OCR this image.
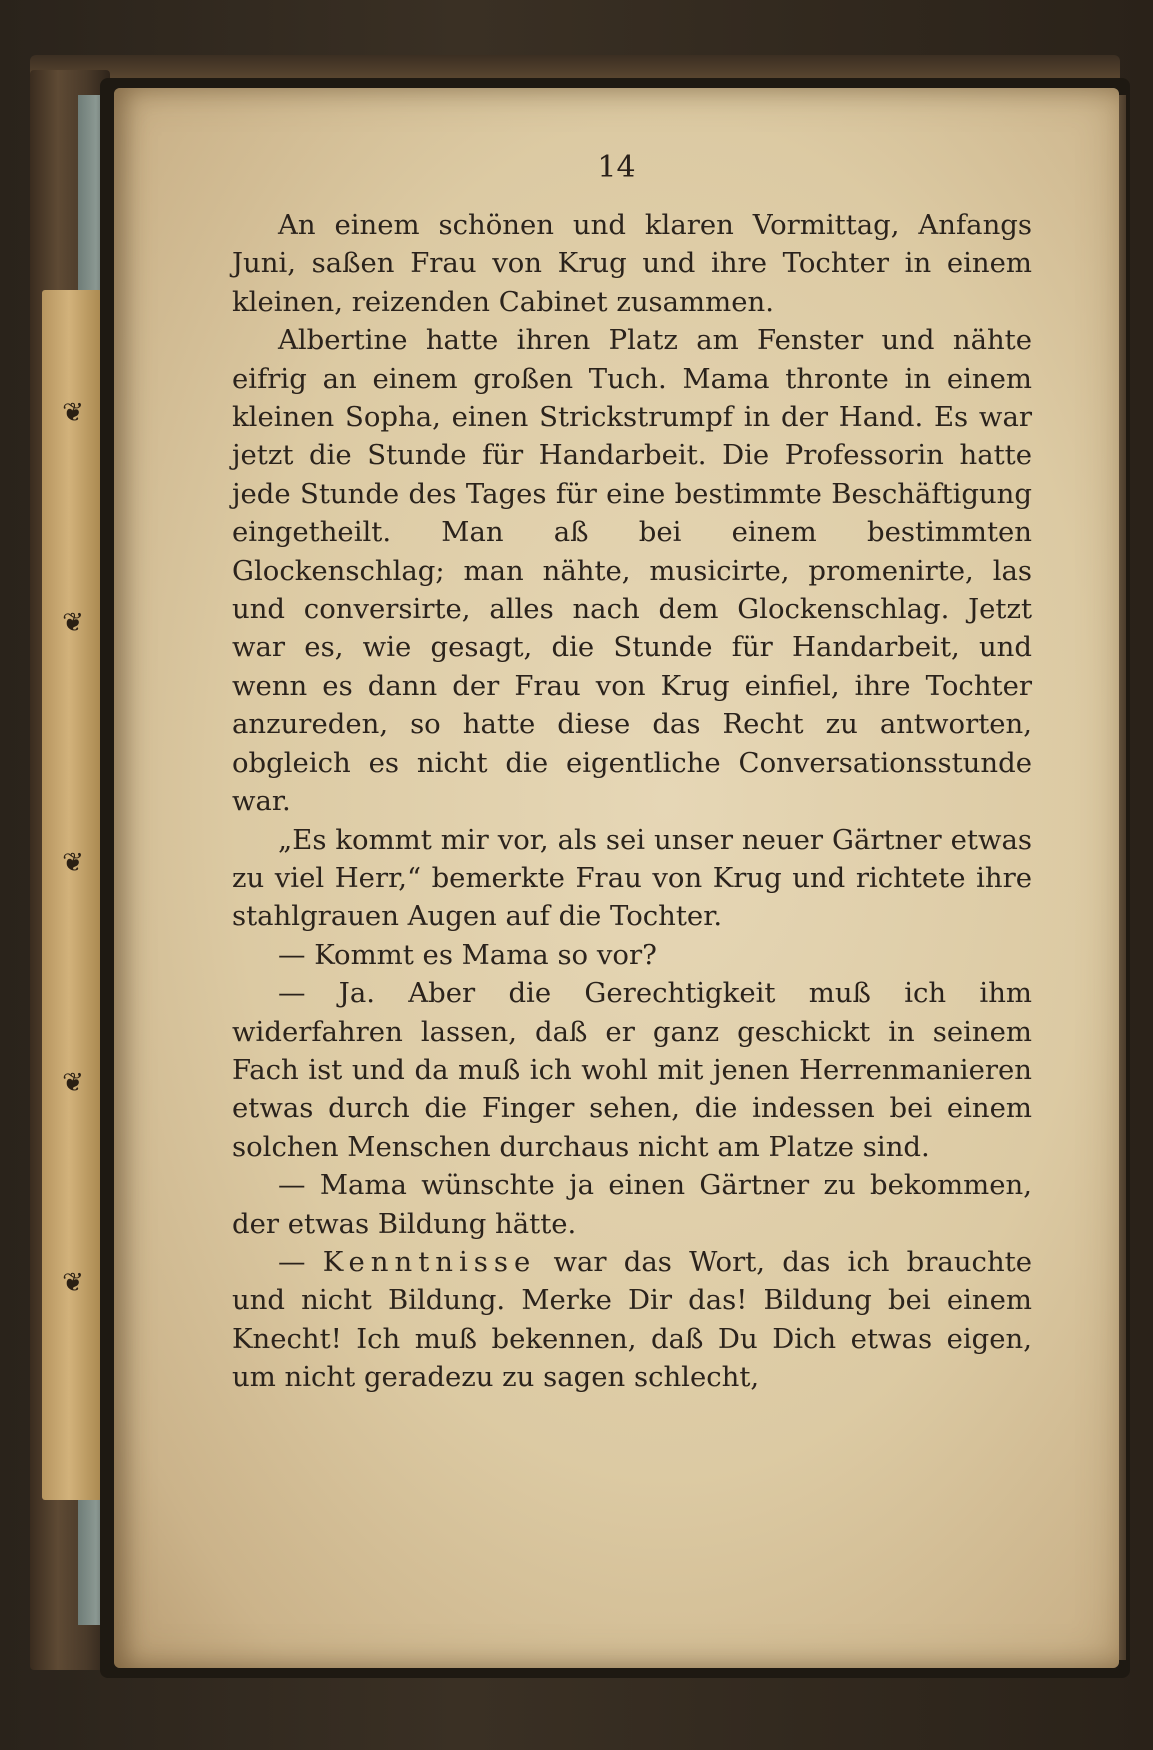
❦
❦
❦
❦
❦
14

An einem schönen und klaren Vormittag, Anfangs Juni, saßen Frau von Krug und ihre Tochter in einem kleinen, reizenden Cabinet zusammen.

Albertine hatte ihren Platz am Fenster und nähte eifrig an einem großen Tuch. Mama thronte in einem kleinen Sopha, einen Strickstrumpf in der Hand. Es war jetzt die Stunde für Handarbeit. Die Professorin hatte jede Stunde des Tages für eine bestimmte Beschäftigung eingetheilt. Man aß bei einem bestimmten Glockenschlag; man nähte, musicirte, promenirte, las und conversirte, alles nach dem Glockenschlag. Jetzt war es, wie gesagt, die Stunde für Handarbeit, und wenn es dann der Frau von Krug einfiel, ihre Tochter anzureden, so hatte diese das Recht zu antworten, obgleich es nicht die eigentliche Conversationsstunde war.

„Es kommt mir vor, als sei unser neuer Gärtner etwas zu viel Herr,“ bemerkte Frau von Krug und richtete ihre stahlgrauen Augen auf die Tochter.

— Kommt es Mama so vor?

— Ja. Aber die Gerechtigkeit muß ich ihm widerfahren lassen, daß er ganz geschickt in seinem Fach ist und da muß ich wohl mit jenen Herrenmanieren etwas durch die Finger sehen, die indessen bei einem solchen Menschen durchaus nicht am Platze sind.

— Mama wünschte ja einen Gärtner zu bekommen, der etwas Bildung hätte.

— Kenntnisse war das Wort, das ich brauchte und nicht Bildung. Merke Dir das! Bildung bei einem Knecht! Ich muß bekennen, daß Du Dich etwas eigen, um nicht geradezu zu sagen schlecht,
